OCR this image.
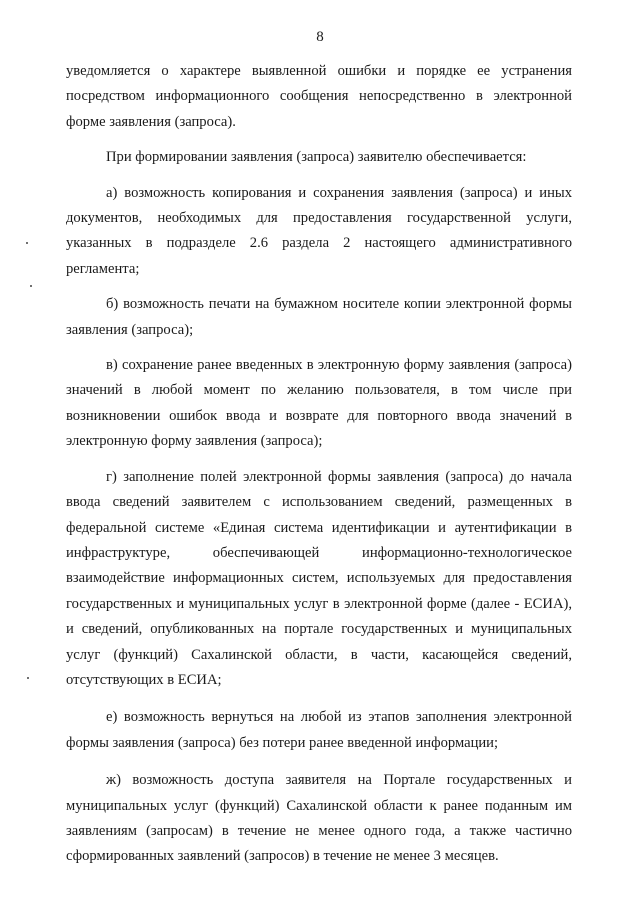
8

уведомляется о характере выявленной ошибки и порядке ее устранения посредством информационного сообщения непосредственно в электронной форме заявления (запроса).

При формировании заявления (запроса) заявителю обеспечивается:

а) возможность копирования и сохранения заявления (запроса) и иных документов, необходимых для предоставления государственной услуги, указанных в подразделе 2.6 раздела 2 настоящего административного регламента;

б) возможность печати на бумажном носителе копии электронной формы заявления (запроса);

в) сохранение ранее введенных в электронную форму заявления (запроса) значений в любой момент по желанию пользователя, в том числе при возникновении ошибок ввода и возврате для повторного ввода значений в электронную форму заявления (запроса);

г) заполнение полей электронной формы заявления (запроса) до начала ввода сведений заявителем с использованием сведений, размещенных в федеральной системе «Единая система идентификации и аутентификации в инфраструктуре, обеспечивающей информационно-технологическое взаимодействие информационных систем, используемых для предоставления государственных и муниципальных услуг в электронной форме (далее - ЕСИА), и сведений, опубликованных на портале государственных и муниципальных услуг (функций) Сахалинской области, в части, касающейся сведений, отсутствующих в ЕСИА;

е) возможность вернуться на любой из этапов заполнения электронной формы заявления (запроса) без потери ранее введенной информации;

ж) возможность доступа заявителя на Портале государственных и муниципальных услуг (функций) Сахалинской области к ранее поданным им заявлениям (запросам) в течение не менее одного года, а также частично сформированных заявлений (запросов) в течение не менее 3 месяцев.
